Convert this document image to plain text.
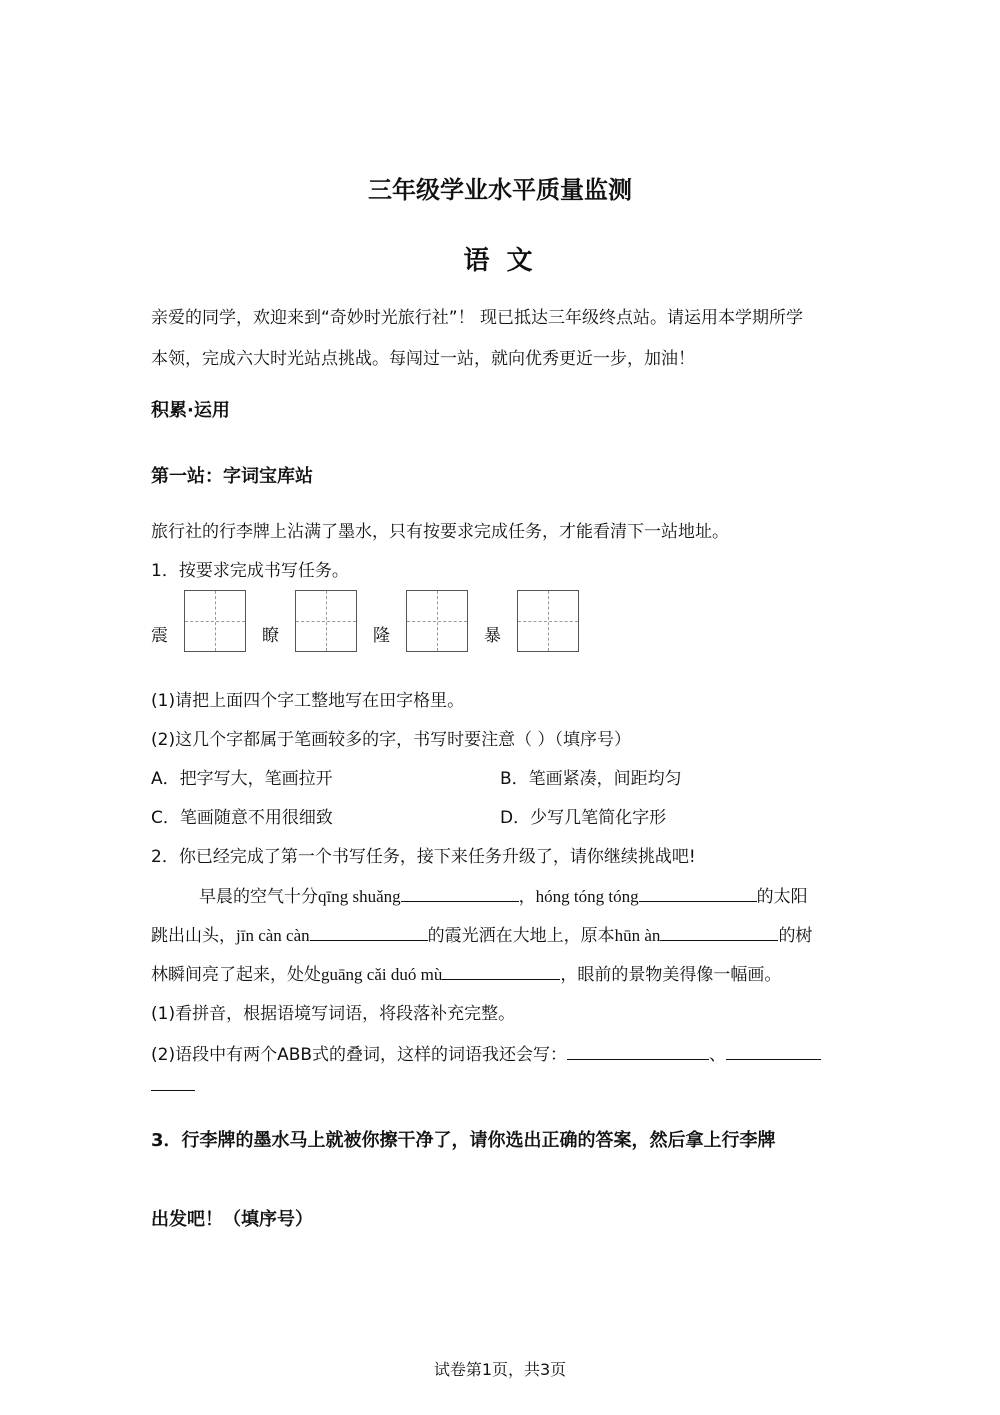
三年级学业水平质量监测
语 文
亲爱的同学，欢迎来到“奇妙时光旅行社”！ 现已抵达三年级终点站。请运用本学期所学
本领，完成六大时光站点挑战。每闯过一站，就向优秀更近一步，加油！
积累·运用
第一站：字词宝库站
旅行社的行李牌上沾满了墨水，只有按要求完成任务，才能看清下一站地址。
1．按要求完成书写任务。
震	瞭	隆	暴
(1)请把上面四个字工整地写在田字格里。
(2)这几个字都属于笔画较多的字，书写时要注意（ ）（填序号）
A．把字写大，笔画拉开	B．笔画紧凑，间距均匀
C．笔画随意不用很细致	D．少写几笔简化字形
2．你已经完成了第一个书写任务，接下来任务升级了，请你继续挑战吧!
早晨的空气十分qīng shuǎng	，hóng tóng tóng	的太阳
跳出山头，jīn càn càn	的霞光洒在大地上，原本hūn àn	的树
林瞬间亮了起来，处处guāng cǎi duó mù	，眼前的景物美得像一幅画。
(1)看拼音，根据语境写词语，将段落补充完整。
(2)语段中有两个ABB式的叠词，这样的词语我还会写：	、
3．行李牌的墨水马上就被你擦干净了，请你选出正确的答案，然后拿上行李牌
出发吧！（填序号）
试卷第1页，共3页
